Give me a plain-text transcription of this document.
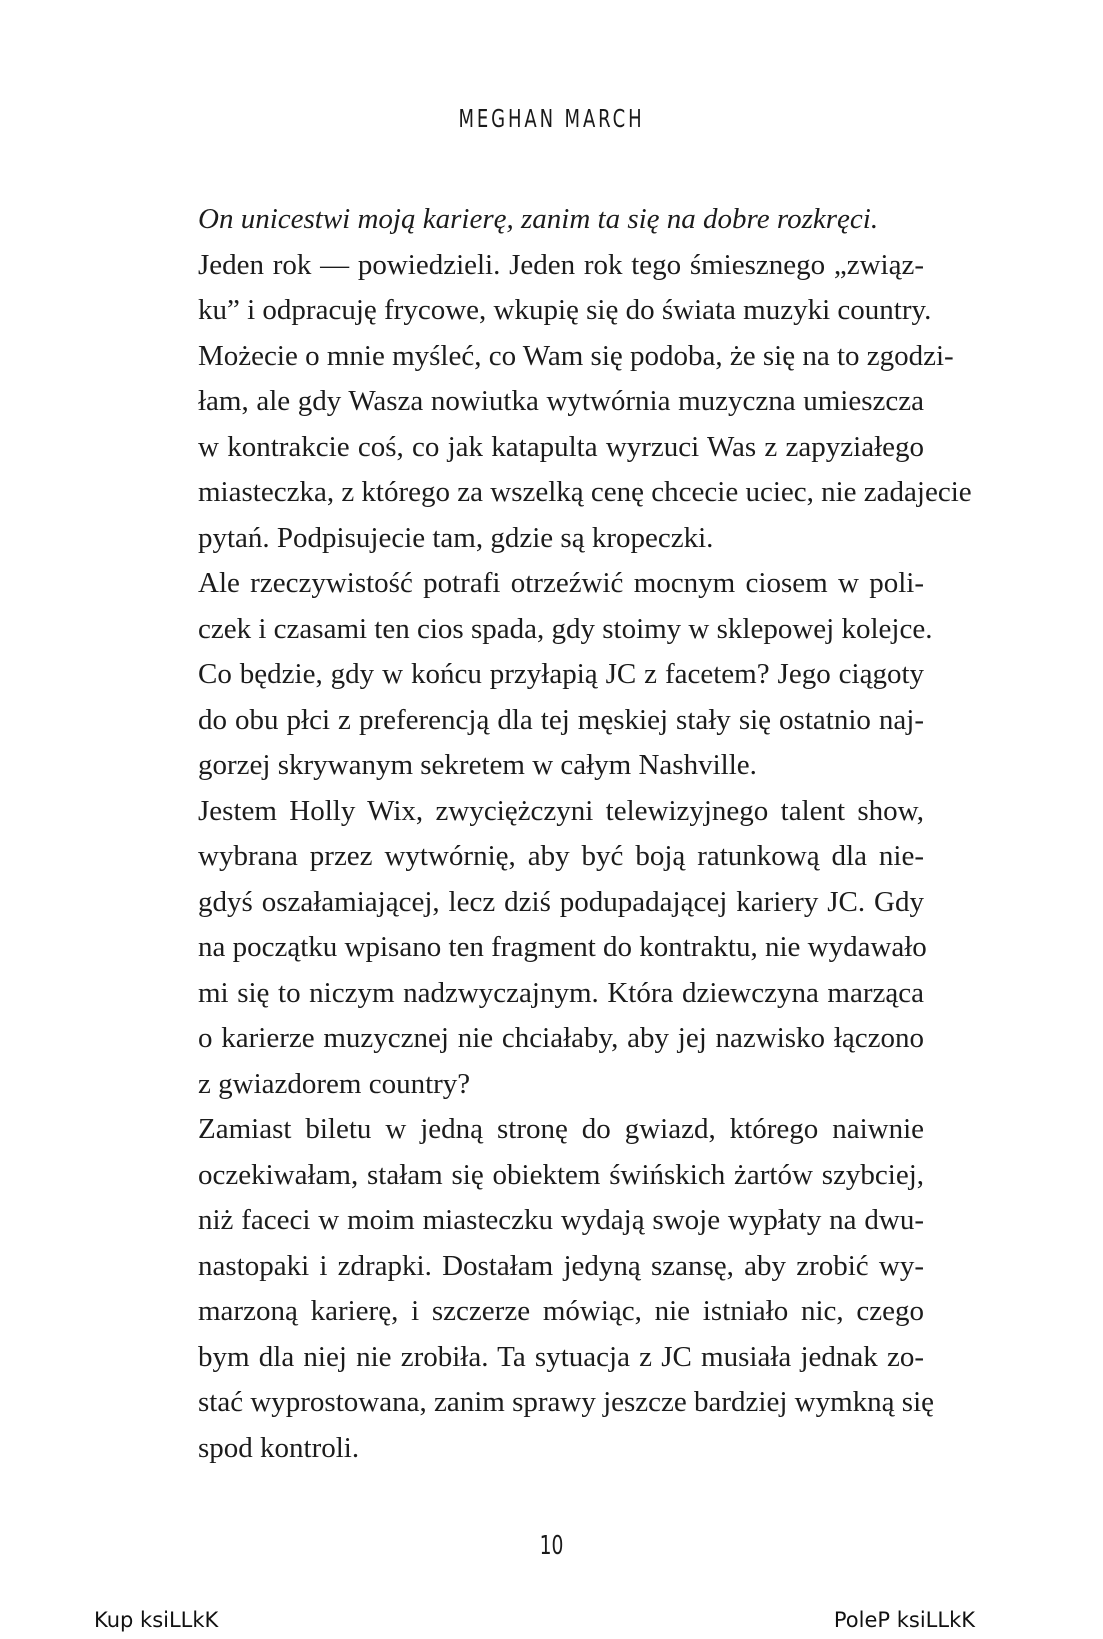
MEGHAN MARCH

On unicestwi moją karierę, zanim ta się na dobre rozkręci.

Jeden rok — powiedzieli. Jeden rok tego śmiesznego „związ-
ku” i odpracuję frycowe, wkupię się do świata muzyki country.
Możecie o mnie myśleć, co Wam się podoba, że się na to zgodzi-
łam, ale gdy Wasza nowiutka wytwórnia muzyczna umieszcza
w kontrakcie coś, co jak katapulta wyrzuci Was z zapyziałego
miasteczka, z którego za wszelką cenę chcecie uciec, nie zadajecie
pytań. Podpisujecie tam, gdzie są kropeczki.

Ale rzeczywistość potrafi otrzeźwić mocnym ciosem w poli-
czek i czasami ten cios spada, gdy stoimy w sklepowej kolejce.
Co będzie, gdy w końcu przyłapią JC z facetem? Jego ciągoty
do obu płci z preferencją dla tej męskiej stały się ostatnio naj-
gorzej skrywanym sekretem w całym Nashville.

Jestem Holly Wix, zwyciężczyni telewizyjnego talent show,
wybrana przez wytwórnię, aby być boją ratunkową dla nie-
gdyś oszałamiającej, lecz dziś podupadającej kariery JC. Gdy
na początku wpisano ten fragment do kontraktu, nie wydawało
mi się to niczym nadzwyczajnym. Która dziewczyna marząca
o karierze muzycznej nie chciałaby, aby jej nazwisko łączono
z gwiazdorem country?

Zamiast biletu w jedną stronę do gwiazd, którego naiwnie
oczekiwałam, stałam się obiektem świńskich żartów szybciej,
niż faceci w moim miasteczku wydają swoje wypłaty na dwu-
nastopaki i zdrapki. Dostałam jedyną szansę, aby zrobić wy-
marzoną karierę, i szczerze mówiąc, nie istniało nic, czego
bym dla niej nie zrobiła. Ta sytuacja z JC musiała jednak zo-
stać wyprostowana, zanim sprawy jeszcze bardziej wymkną się
spod kontroli.

10
Kup ksiLLkK	PoleP ksiLLkK
